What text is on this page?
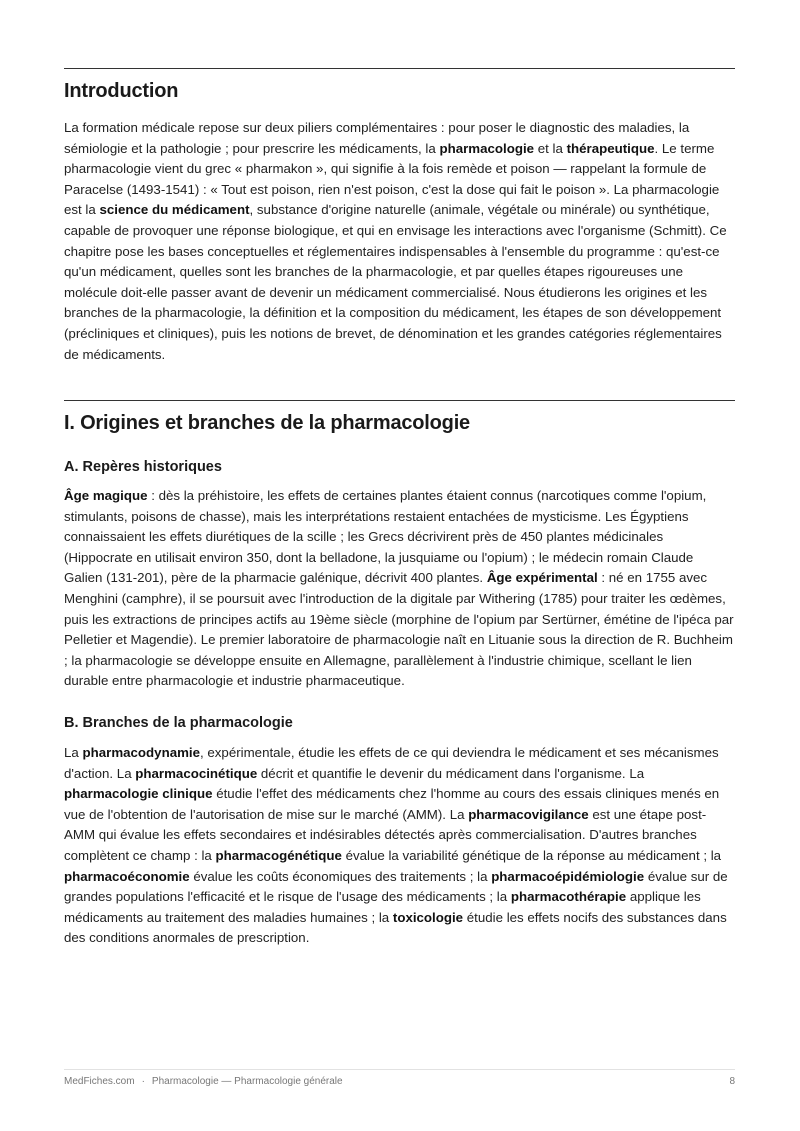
Introduction

La formation médicale repose sur deux piliers complémentaires : pour poser le diagnostic des maladies, la sémiologie et la pathologie ; pour prescrire les médicaments, la pharmacologie et la thérapeutique. Le terme pharmacologie vient du grec « pharmakon », qui signifie à la fois remède et poison — rappelant la formule de Paracelse (1493-1541) : « Tout est poison, rien n'est poison, c'est la dose qui fait le poison ». La pharmacologie est la science du médicament, substance d'origine naturelle (animale, végétale ou minérale) ou synthétique, capable de provoquer une réponse biologique, et qui en envisage les interactions avec l'organisme (Schmitt). Ce chapitre pose les bases conceptuelles et réglementaires indispensables à l'ensemble du programme : qu'est-ce qu'un médicament, quelles sont les branches de la pharmacologie, et par quelles étapes rigoureuses une molécule doit-elle passer avant de devenir un médicament commercialisé. Nous étudierons les origines et les branches de la pharmacologie, la définition et la composition du médicament, les étapes de son développement (précliniques et cliniques), puis les notions de brevet, de dénomination et les grandes catégories réglementaires de médicaments.

I. Origines et branches de la pharmacologie
A. Repères historiques

Âge magique : dès la préhistoire, les effets de certaines plantes étaient connus (narcotiques comme l'opium, stimulants, poisons de chasse), mais les interprétations restaient entachées de mysticisme. Les Égyptiens connaissaient les effets diurétiques de la scille ; les Grecs décrivirent près de 450 plantes médicinales (Hippocrate en utilisait environ 350, dont la belladone, la jusquiame ou l'opium) ; le médecin romain Claude Galien (131-201), père de la pharmacie galénique, décrivit 400 plantes. Âge expérimental : né en 1755 avec Menghini (camphre), il se poursuit avec l'introduction de la digitale par Withering (1785) pour traiter les œdèmes, puis les extractions de principes actifs au 19ème siècle (morphine de l'opium par Sertürner, émétine de l'ipéca par Pelletier et Magendie). Le premier laboratoire de pharmacologie naît en Lituanie sous la direction de R. Buchheim ; la pharmacologie se développe ensuite en Allemagne, parallèlement à l'industrie chimique, scellant le lien durable entre pharmacologie et industrie pharmaceutique.

B. Branches de la pharmacologie

La pharmacodynamie, expérimentale, étudie les effets de ce qui deviendra le médicament et ses mécanismes d'action. La pharmacocinétique décrit et quantifie le devenir du médicament dans l'organisme. La pharmacologie clinique étudie l'effet des médicaments chez l'homme au cours des essais cliniques menés en vue de l'obtention de l'autorisation de mise sur le marché (AMM). La pharmacovigilance est une étape post-AMM qui évalue les effets secondaires et indésirables détectés après commercialisation. D'autres branches complètent ce champ : la pharmacogénétique évalue la variabilité génétique de la réponse au médicament ; la pharmacoéconomie évalue les coûts économiques des traitements ; la pharmacoépidémiologie évalue sur de grandes populations l'efficacité et le risque de l'usage des médicaments ; la pharmacothérapie applique les médicaments au traitement des maladies humaines ; la toxicologie étudie les effets nocifs des substances dans des conditions anormales de prescription.

MedFiches.com · Pharmacologie — Pharmacologie générale	8
